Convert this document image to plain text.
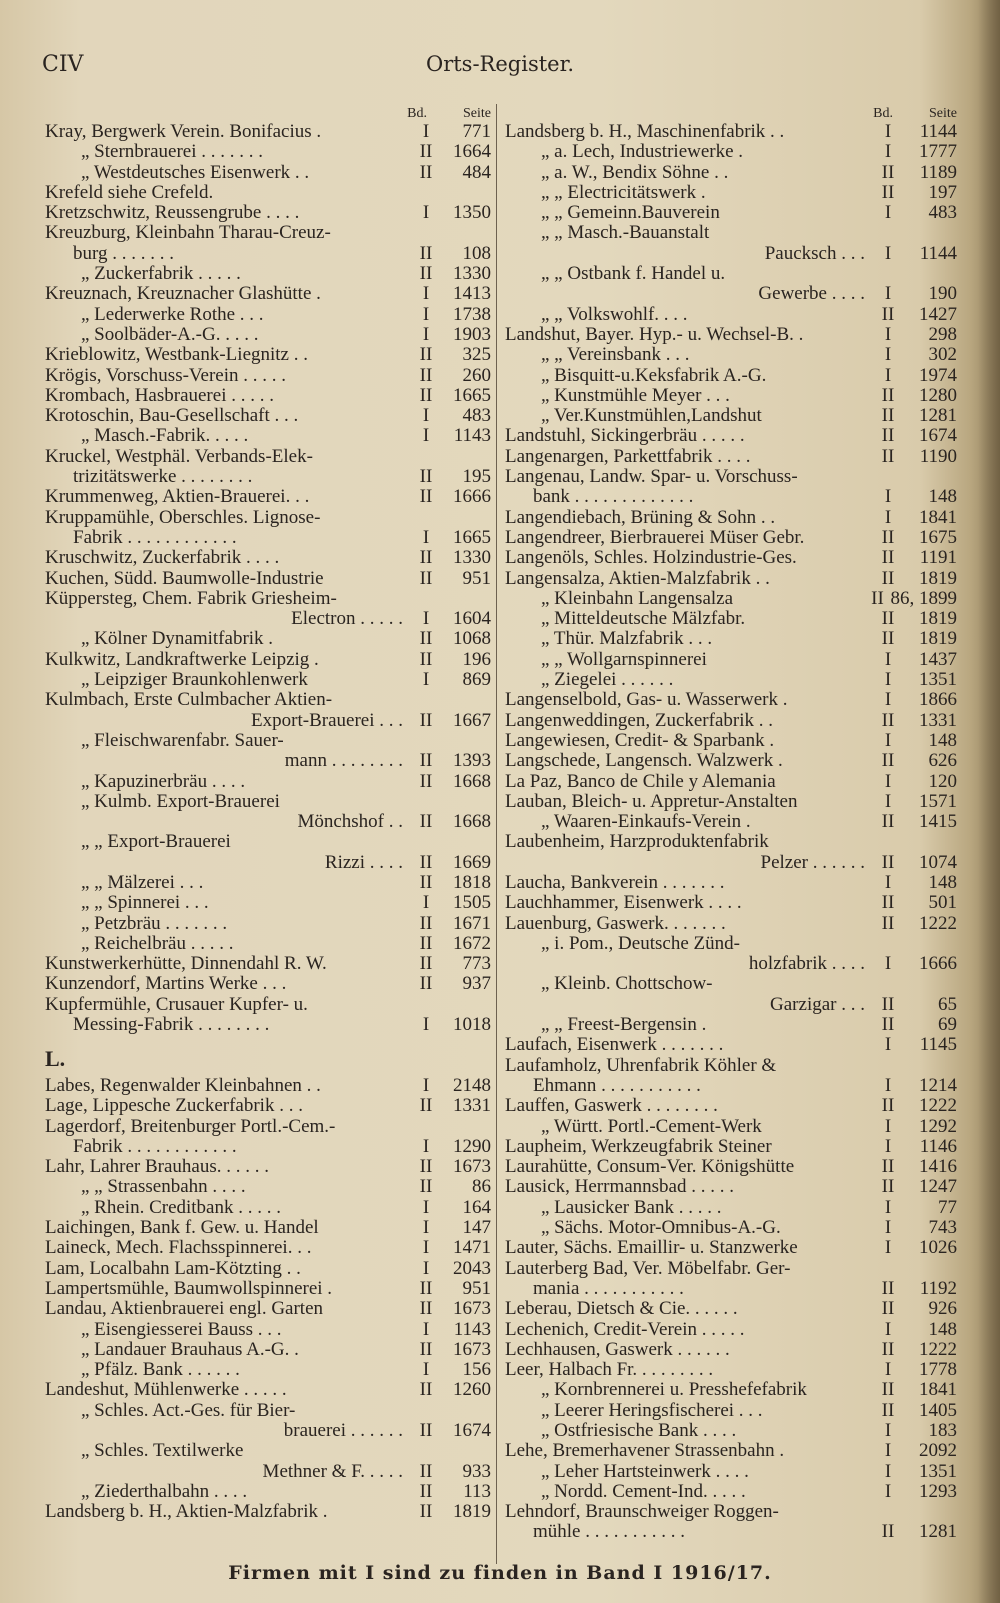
CIV	Orts-Register.
Bd.	Seite
Kray, Bergwerk Verein. Bonifacius .	I	771
„ Sternbrauerei . . . . . . .	II	1664
„ Westdeutsches Eisenwerk . .	II	484
Krefeld siehe Crefeld.
Kretzschwitz, Reussengrube . . . .	I	1350
Kreuzburg, Kleinbahn Tharau-Creuz-
burg . . . . . . .	II	108
„ Zuckerfabrik . . . . .	II	1330
Kreuznach, Kreuznacher Glashütte .	I	1413
„ Lederwerke Rothe . . .	I	1738
„ Soolbäder-A.-G. . . . .	I	1903
Krieblowitz, Westbank-Liegnitz . .	II	325
Krögis, Vorschuss-Verein . . . . .	II	260
Krombach, Hasbrauerei . . . . .	II	1665
Krotoschin, Bau-Gesellschaft . . .	I	483
„ Masch.-Fabrik. . . . .	I	1143
Kruckel, Westphäl. Verbands-Elek-
trizitätswerke . . . . . . . .	II	195
Krummenweg, Aktien-Brauerei. . .	II	1666
Kruppamühle, Oberschles. Lignose-
Fabrik . . . . . . . . . . . .	I	1665
Kruschwitz, Zuckerfabrik . . . .	II	1330
Kuchen, Südd. Baumwolle-Industrie	II	951
Küppersteg, Chem. Fabrik Griesheim-
Electron . . . . .	I	1604
„ Kölner Dynamitfabrik .	II	1068
Kulkwitz, Landkraftwerke Leipzig .	II	196
„ Leipziger Braunkohlenwerk	I	869
Kulmbach, Erste Culmbacher Aktien-
Export-Brauerei . . . II	1667
„ Fleischwarenfabr. Sauer-
mann . . . . . . . . II	1393
„ Kapuzinerbräu . . . .	II	1668
„ Kulmb. Export-Brauerei
Mönchshof . . II	1668
„ „ Export-Brauerei
Rizzi . . . . II	1669
„ „ Mälzerei . . .	II	1818
„ „ Spinnerei . . .	I	1505
„ Petzbräu . . . . . . .	II	1671
„ Reichelbräu . . . . .	II	1672
Kunstwerkerhütte, Dinnendahl R. W.	II	773
Kunzendorf, Martins Werke . . .	II	937
Kupfermühle, Crusauer Kupfer- u.
Messing-Fabrik . . . . . . . .	I	1018
L.
Labes, Regenwalder Kleinbahnen . .	I	2148
Lage, Lippesche Zuckerfabrik . . .	II	1331
Lagerdorf, Breitenburger Portl.-Cem.-
Fabrik . . . . . . . . . . . .	I	1290
Lahr, Lahrer Brauhaus. . . . . .	II	1673
„ „ Strassenbahn . . . .	II	86
„ Rhein. Creditbank . . . . .	I	164
Laichingen, Bank f. Gew. u. Handel	I	147
Laineck, Mech. Flachsspinnerei. . .	I	1471
Lam, Localbahn Lam-Kötzting . .	I	2043
Lampertsmühle, Baumwollspinnerei .	II	951
Landau, Aktienbrauerei engl. Garten	II	1673
„ Eisengiesserei Bauss . . .	I	1143
„ Landauer Brauhaus A.-G. .	II	1673
„ Pfälz. Bank . . . . . .	I	156
Landeshut, Mühlenwerke . . . . .	II	1260
„ Schles. Act.-Ges. für Bier-
brauerei . . . . . . II	1674
„ Schles. Textilwerke
Methner & F. . . . . II	933
„ Ziederthalbahn . . . .	II	113
Landsberg b. H., Aktien-Malzfabrik .	II	1819
Bd.	Seite
Landsberg b. H., Maschinenfabrik . .	I	1144
„ a. Lech, Industriewerke .	I	1777
„ a. W., Bendix Söhne . .	II	1189
„ „ Electricitätswerk .	II	197
„ „ Gemeinn.Bauverein	I	483
„ „ Masch.-Bauanstalt
Paucksch . . .	I	1144
„ „ Ostbank f. Handel u.
Gewerbe . . . .	I	190
„ „ Volkswohlf. . . .	II	1427
Landshut, Bayer. Hyp.- u. Wechsel-B. .	I	298
„ „ Vereinsbank . . .	I	302
„ Bisquitt-u.Keksfabrik A.-G.	I	1974
„ Kunstmühle Meyer . . .	II	1280
„ Ver.Kunstmühlen,Landshut	II	1281
Landstuhl, Sickingerbräu . . . . .	II	1674
Langenargen, Parkettfabrik . . . .	II	1190
Langenau, Landw. Spar- u. Vorschuss-
bank . . . . . . . . . . . . .	I	148
Langendiebach, Brüning & Sohn . .	I	1841
Langendreer, Bierbrauerei Müser Gebr.	II	1675
Langenöls, Schles. Holzindustrie-Ges.	II	1191
Langensalza, Aktien-Malzfabrik . .	II	1819
„ Kleinbahn Langensalza	II 86, 1899
„ Mitteldeutsche Mälzfabr.	II	1819
„ Thür. Malzfabrik . . .	II	1819
„ „ Wollgarnspinnerei	I	1437
„ Ziegelei . . . . . .	I	1351
Langenselbold, Gas- u. Wasserwerk .	I	1866
Langenweddingen, Zuckerfabrik . .	II	1331
Langewiesen, Credit- & Sparbank .	I	148
Langschede, Langensch. Walzwerk .	II	626
La Paz, Banco de Chile y Alemania	I	120
Lauban, Bleich- u. Appretur-Anstalten	I	1571
„ Waaren-Einkaufs-Verein .	II	1415
Laubenheim, Harzproduktenfabrik
Pelzer . . . . . . II	1074
Laucha, Bankverein . . . . . . .	I	148
Lauchhammer, Eisenwerk . . . .	II	501
Lauenburg, Gaswerk. . . . . . .	II	1222
„ i. Pom., Deutsche Zünd-
holzfabrik . . . .	I	1666
„ Kleinb. Chottschow-
Garzigar . . . II	65
„ „ Freest-Bergensin .	II	69
Laufach, Eisenwerk . . . . . . .	I	1145
Laufamholz, Uhrenfabrik Köhler &
Ehmann . . . . . . . . . . .	I	1214
Lauffen, Gaswerk . . . . . . . .	II	1222
„ Württ. Portl.-Cement-Werk	I	1292
Laupheim, Werkzeugfabrik Steiner	I	1146
Laurahütte, Consum-Ver. Königshütte	II	1416
Lausick, Herrmannsbad . . . . .	II	1247
„ Lausicker Bank . . . . .	I	77
„ Sächs. Motor-Omnibus-A.-G.	I	743
Lauter, Sächs. Emaillir- u. Stanzwerke	I	1026
Lauterberg Bad, Ver. Möbelfabr. Ger-
mania . . . . . . . . . . .	II	1192
Leberau, Dietsch & Cie. . . . . .	II	926
Lechenich, Credit-Verein . . . . .	I	148
Lechhausen, Gaswerk . . . . . .	II	1222
Leer, Halbach Fr. . . . . . . . .	I	1778
„ Kornbrennerei u. Presshefefabrik	II	1841
„ Leerer Heringsfischerei . . .	II	1405
„ Ostfriesische Bank . . . .	I	183
Lehe, Bremerhavener Strassenbahn .	I	2092
„ Leher Hartsteinwerk . . . .	I	1351
„ Nordd. Cement-Ind. . . . .	I	1293
Lehndorf, Braunschweiger Roggen-
mühle . . . . . . . . . . .	II	1281
Firmen mit I sind zu finden in Band I 1916/17.
